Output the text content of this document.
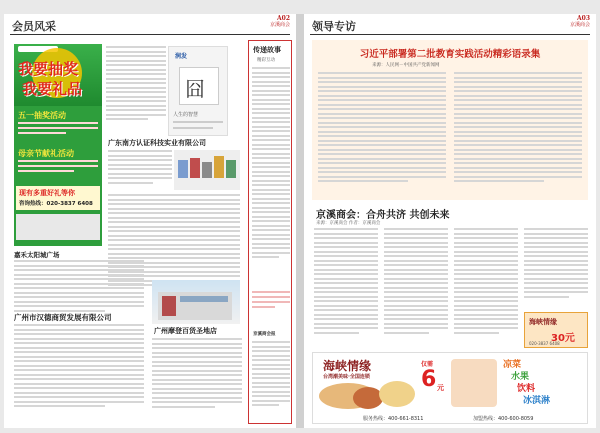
会员风采
A02
京溪商会
我要抽奖
我要礼品
五一抽奖活动
母亲节献礼活动
现有多重好礼等你
咨询热线：020-3837 6408
嘉禾太阳城广场
广州市汉德商贸发展有限公司
润发
囧
人生的智慧
广东南方认证科技实业有限公司
广州摩登百货圣地店
传递故事
精彩互动
京溪商会报
领导专访
A03
京溪商会
习近平部署第二批教育实践活动精彩语录集
来源：人民网－中国共产党新闻网
京溪商会：合舟共济 共创未来
来源：京溪商会 作者：京溪商会
海峡情缘
30元
020-3837 6408
海峡情缘
台湾潮美味·全国连锁
仅需
6 元
凉菜
水果
饮料
冰淇淋
服务热线：400-661-8311	加盟热线：400-600-8059
